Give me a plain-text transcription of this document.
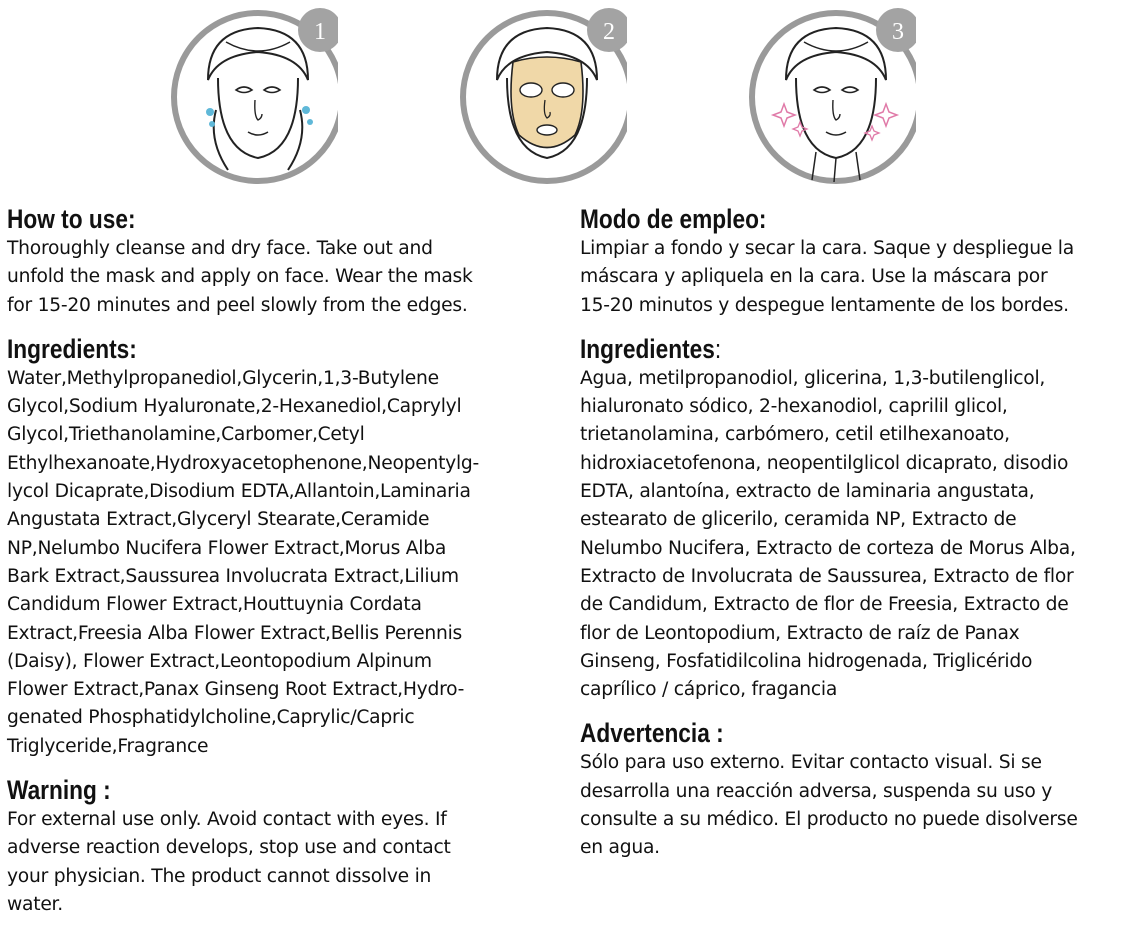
1	2	3
How to use:
Thoroughly cleanse and dry face. Take out and
unfold the mask and apply on face. Wear the mask
for 15-20 minutes and peel slowly from the edges.
Ingredients:
Water,Methylpropanediol,Glycerin,1,3-Butylene
Glycol,Sodium Hyaluronate,2-Hexanediol,Caprylyl
Glycol,Triethanolamine,Carbomer,Cetyl
Ethylhexanoate,Hydroxyacetophenone,Neopentylg-
lycol Dicaprate,Disodium EDTA,Allantoin,Laminaria
Angustata Extract,Glyceryl Stearate,Ceramide
NP,Nelumbo Nucifera Flower Extract,Morus Alba
Bark Extract,Saussurea Involucrata Extract,Lilium
Candidum Flower Extract,Houttuynia Cordata
Extract,Freesia Alba Flower Extract,Bellis Perennis
(Daisy), Flower Extract,Leontopodium Alpinum
Flower Extract,Panax Ginseng Root Extract,Hydro-
genated Phosphatidylcholine,Caprylic/Capric
Triglyceride,Fragrance
Warning :
For external use only. Avoid contact with eyes. If
adverse reaction develops, stop use and contact
your physician. The product cannot dissolve in
water.
Modo de empleo:
Limpiar a fondo y secar la cara. Saque y despliegue la
máscara y apliquela en la cara. Use la máscara por
15-20 minutos y despegue lentamente de los bordes.
Ingredientes:
Agua, metilpropanodiol, glicerina, 1,3-butilenglicol,
hialuronato sódico, 2-hexanodiol, caprilil glicol,
trietanolamina, carbómero, cetil etilhexanoato,
hidroxiacetofenona, neopentilglicol dicaprato, disodio
EDTA, alantoína, extracto de laminaria angustata,
estearato de glicerilo, ceramida NP, Extracto de
Nelumbo Nucifera, Extracto de corteza de Morus Alba,
Extracto de Involucrata de Saussurea, Extracto de flor
de Candidum, Extracto de flor de Freesia, Extracto de
flor de Leontopodium, Extracto de raíz de Panax
Ginseng, Fosfatidilcolina hidrogenada, Triglicérido
caprílico / cáprico, fragancia
Advertencia :
Sólo para uso externo. Evitar contacto visual. Si se
desarrolla una reacción adversa, suspenda su uso y
consulte a su médico. El producto no puede disolverse
en agua.
